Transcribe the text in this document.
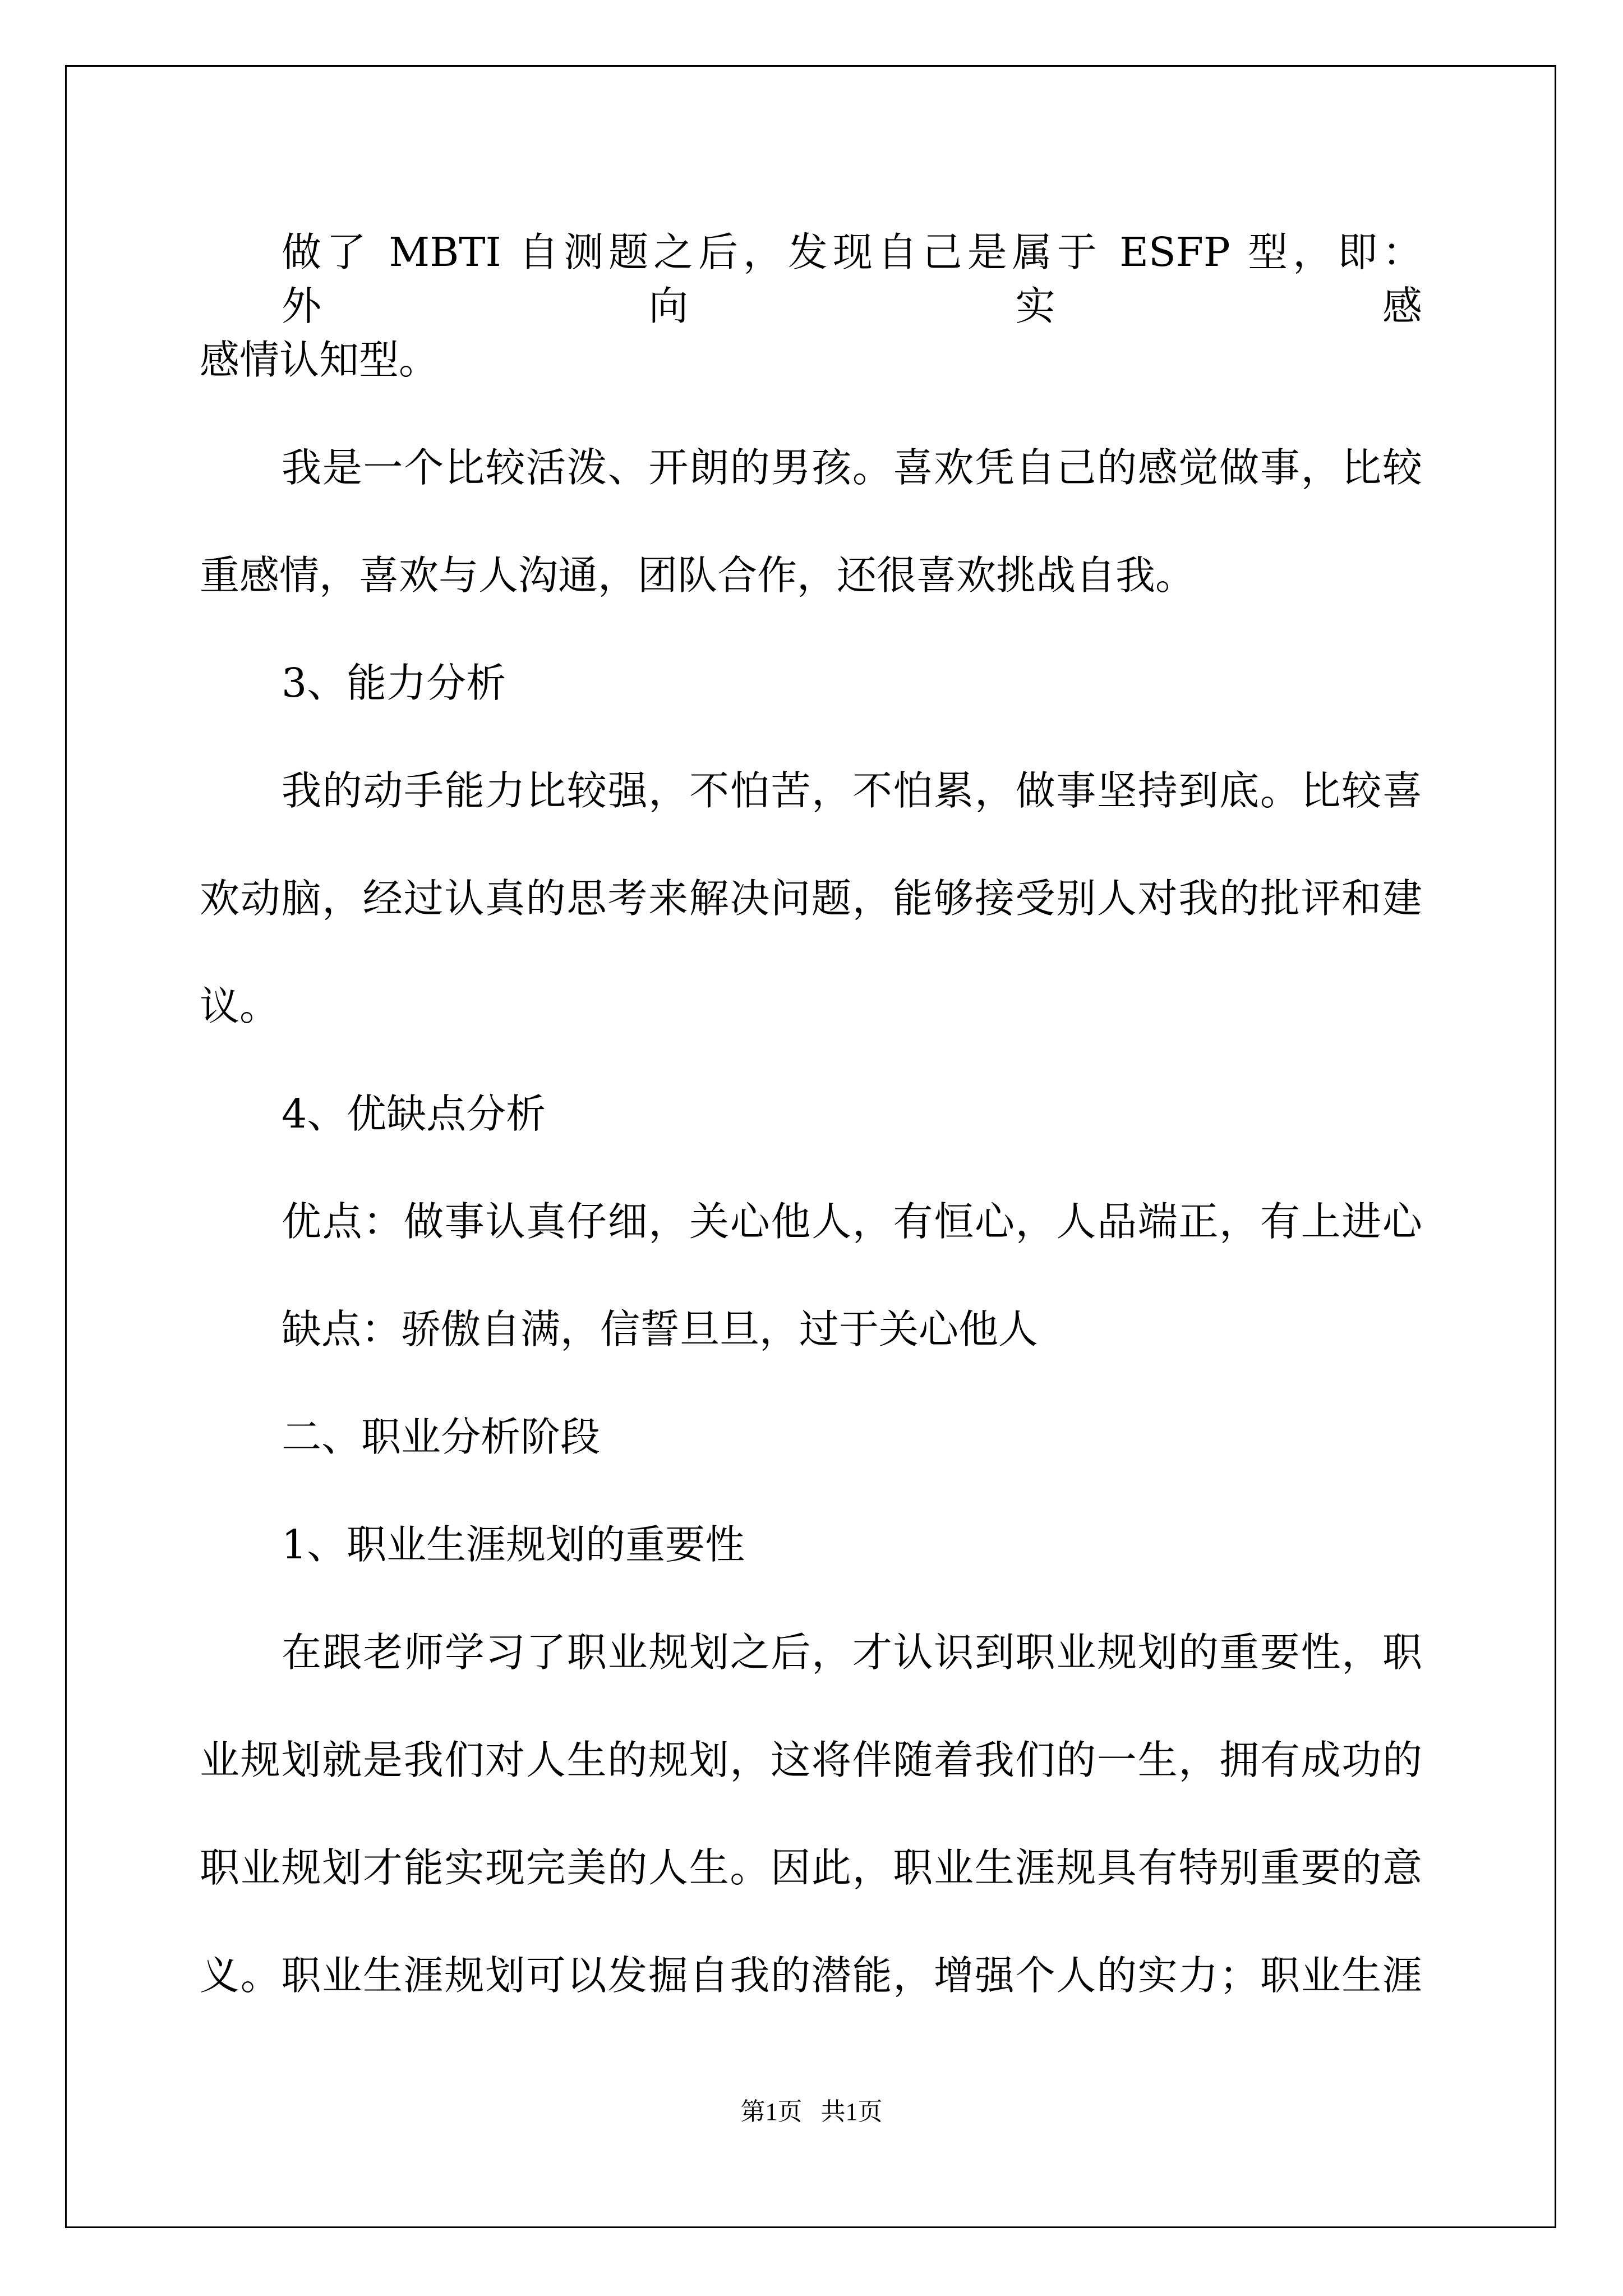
做了 MBTI 自测题之后，发现自己是属于 ESFP 型，即：外向实感
感情认知型。
我是一个比较活泼、开朗的男孩。喜欢凭自己的感觉做事，比较
重感情，喜欢与人沟通，团队合作，还很喜欢挑战自我。
3、能力分析
我的动手能力比较强，不怕苦，不怕累，做事坚持到底。比较喜
欢动脑，经过认真的思考来解决问题，能够接受别人对我的批评和建
议。
4、优缺点分析
优点：做事认真仔细，关心他人，有恒心，人品端正，有上进心
缺点：骄傲自满，信誓旦旦，过于关心他人
二、职业分析阶段
1、职业生涯规划的重要性
在跟老师学习了职业规划之后，才认识到职业规划的重要性，职
业规划就是我们对人生的规划，这将伴随着我们的一生，拥有成功的
职业规划才能实现完美的人生。因此，职业生涯规具有特别重要的意
义。职业生涯规划可以发掘自我的潜能，增强个人的实力；职业生涯
第1页   共1页
